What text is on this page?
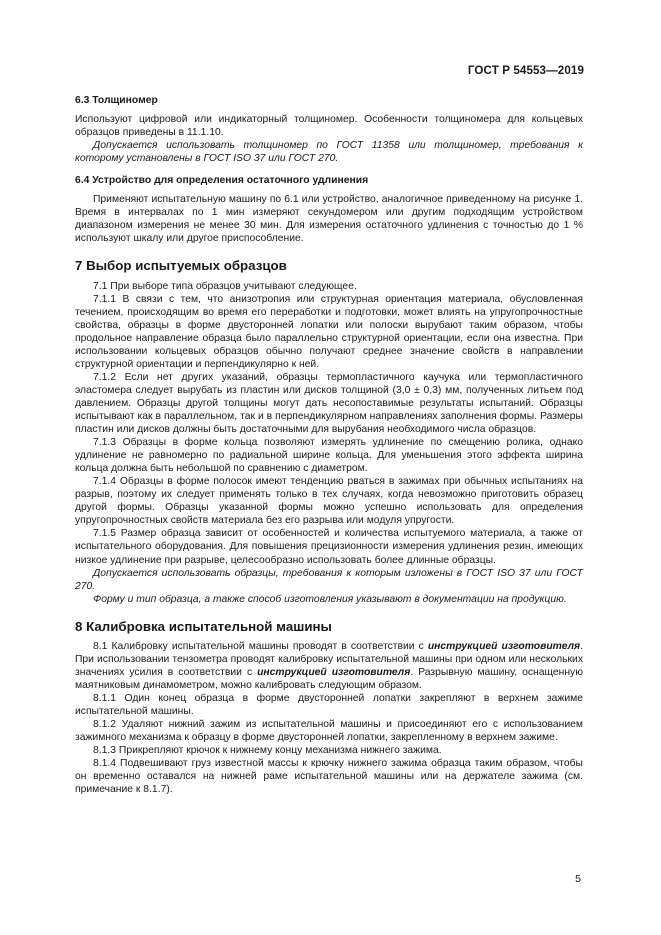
ГОСТ Р 54553—2019

6.3 Толщиномер

Используют цифровой или индикаторный толщиномер. Особенности толщиномера для кольцевых образцов приведены в 11.1.10.

Допускается использовать толщиномер по ГОСТ 11358 или толщиномер, требования к которому установлены в ГОСТ ISO 37 или ГОСТ 270.

6.4 Устройство для определения остаточного удлинения

Применяют испытательную машину по 6.1 или устройство, аналогичное приведенному на рисунке 1. Время в интервалах по 1 мин измеряют секундомером или другим подходящим устройством диапазоном измерения не менее 30 мин. Для измерения остаточного удлинения с точностью до 1 % используют шкалу или другое приспособление.

7 Выбор испытуемых образцов

7.1 При выборе типа образцов учитывают следующее.

7.1.1 В связи с тем, что анизотропия или структурная ориентация материала, обусловленная течением, происходящим во время его переработки и подготовки, может влиять на упругопрочностные свойства, образцы в форме двусторонней лопатки или полоски вырубают таким образом, чтобы продольное направление образца было параллельно структурной ориентации, если она известна. При использовании кольцевых образцов обычно получают среднее значение свойств в направлении структурной ориентации и перпендикулярно к ней.

7.1.2 Если нет других указаний, образцы термопластичного каучука или термопластичного эластомера следует вырубать из пластин или дисков толщиной (3,0 ± 0,3) мм, полученных литьем под давлением. Образцы другой толщины могут дать несопоставимые результаты испытаний. Образцы испытывают как в параллельном, так и в перпендикулярном направлениях заполнения формы. Размеры пластин или дисков должны быть достаточными для вырубания необходимого числа образцов.

7.1.3 Образцы в форме кольца позволяют измерять удлинение по смещению ролика, однако удлинение не равномерно по радиальной ширине кольца. Для уменьшения этого эффекта ширина кольца должна быть небольшой по сравнению с диаметром.

7.1.4 Образцы в форме полосок имеют тенденцию рваться в зажимах при обычных испытаниях на разрыв, поэтому их следует применять только в тех случаях, когда невозможно приготовить образец другой формы. Образцы указанной формы можно успешно использовать для определения упругопрочностных свойств материала без его разрыва или модуля упругости.

7.1.5 Размер образца зависит от особенностей и количества испытуемого материала, а также от испытательного оборудования. Для повышения прецизионности измерения удлинения резин, имеющих низкое удлинение при разрыве, целесообразно использовать более длинные образцы.

Допускается использовать образцы, требования к которым изложены в ГОСТ ISO 37 или ГОСТ 270.

Форму и тип образца, а также способ изготовления указывают в документации на продукцию.

8 Калибровка испытательной машины

8.1 Калибровку испытательной машины проводят в соответствии с инструкцией изготовителя. При использовании тензометра проводят калибровку испытательной машины при одном или нескольких значениях усилия в соответствии с инструкцией изготовителя. Разрывную машину, оснащенную маятниковым динамометром, можно калибровать следующим образом.

8.1.1 Один конец образца в форме двусторонней лопатки закрепляют в верхнем зажиме испытательной машины.

8.1.2 Удаляют нижний зажим из испытательной машины и присоединяют его с использованием зажимного механизма к образцу в форме двусторонней лопатки, закрепленному в верхнем зажиме.

8.1.3 Прикрепляют крючок к нижнему концу механизма нижнего зажима.

8.1.4 Подвешивают груз известной массы к крючку нижнего зажима образца таким образом, чтобы он временно оставался на нижней раме испытательной машины или на держателе зажима (см. примечание к 8.1.7).

5
